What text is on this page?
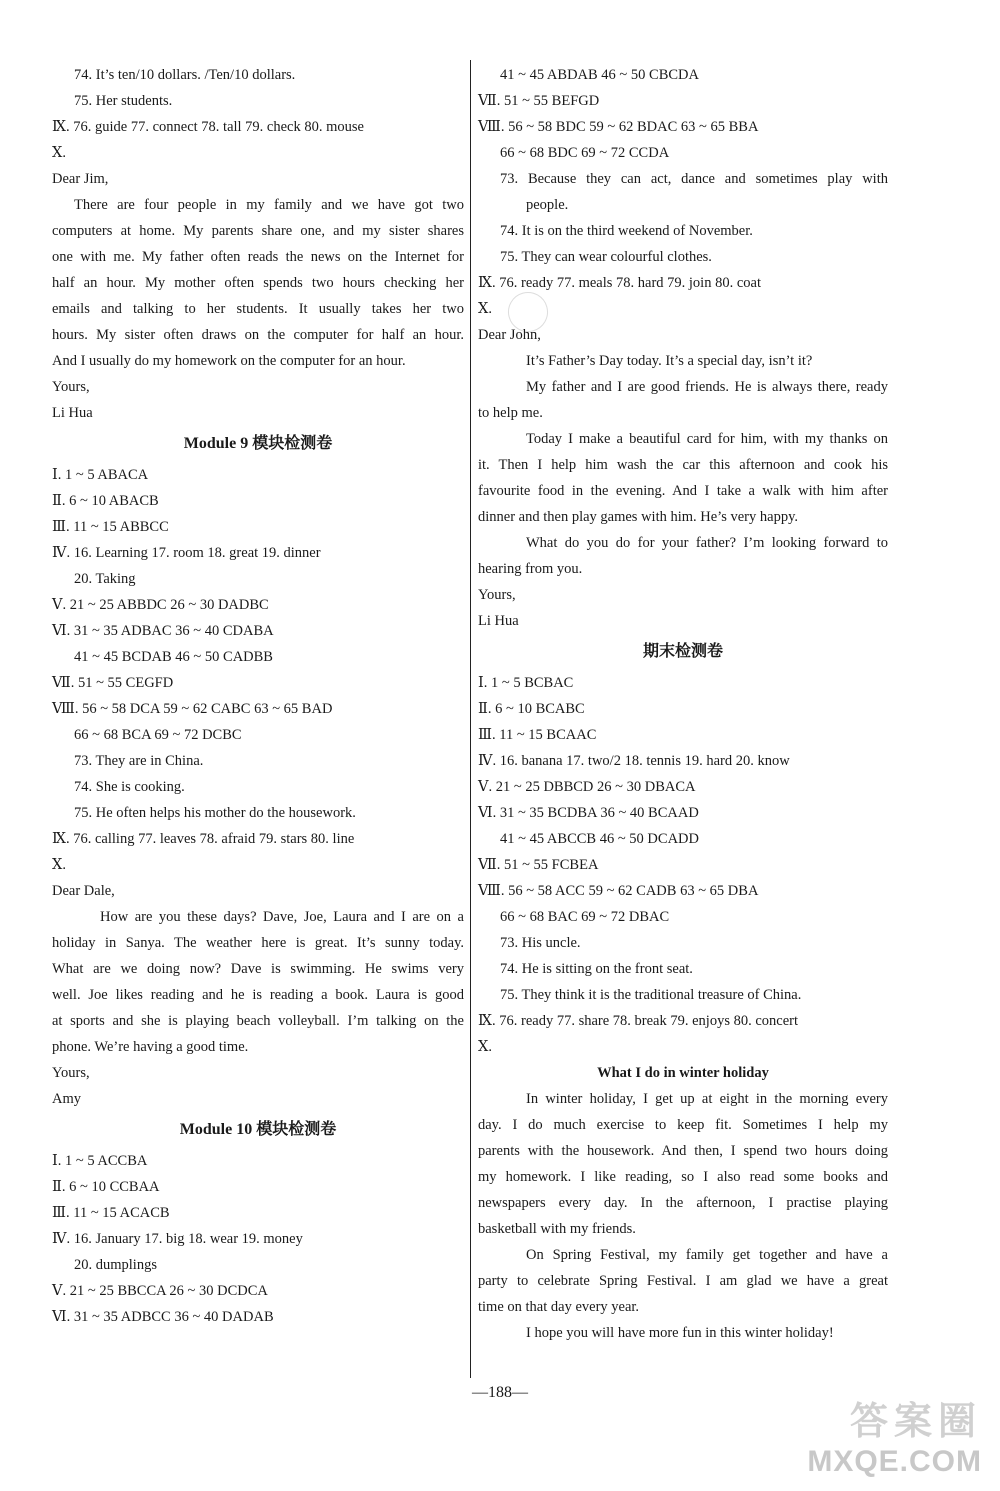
74. It’s ten/10 dollars. /Ten/10 dollars.
75. Her students.
Ⅸ. 76. guide 77. connect 78. tall 79. check 80. mouse
Ⅹ.
Dear Jim,
There are four people in my family and we have got two
computers at home. My parents share one, and my sister shares
one with me. My father often reads the news on the Internet for
half an hour. My mother often spends two hours checking her
emails and talking to her students. It usually takes her two
hours. My sister often draws on the computer for half an hour.
And I usually do my homework on the computer for an hour.
Yours,
Li Hua
Module 9 模块检测卷
Ⅰ. 1 ~ 5 ABACA
Ⅱ. 6 ~ 10 ABACB
Ⅲ. 11 ~ 15 ABBCC
Ⅳ. 16. Learning 17. room 18. great 19. dinner
20. Taking
Ⅴ. 21 ~ 25 ABBDC 26 ~ 30 DADBC
Ⅵ. 31 ~ 35 ADBAC 36 ~ 40 CDABA
41 ~ 45 BCDAB 46 ~ 50 CADBB
Ⅶ. 51 ~ 55 CEGFD
Ⅷ. 56 ~ 58 DCA 59 ~ 62 CABC 63 ~ 65 BAD
66 ~ 68 BCA 69 ~ 72 DCBC
73. They are in China.
74. She is cooking.
75. He often helps his mother do the housework.
Ⅸ. 76. calling 77. leaves 78. afraid 79. stars 80. line
Ⅹ.
Dear Dale,
How are you these days? Dave, Joe, Laura and I are on a
holiday in Sanya. The weather here is great. It’s sunny today.
What are we doing now? Dave is swimming. He swims very
well. Joe likes reading and he is reading a book. Laura is good
at sports and she is playing beach volleyball. I’m talking on the
phone. We’re having a good time.
Yours,
Amy
Module 10 模块检测卷
Ⅰ. 1 ~ 5 ACCBA
Ⅱ. 6 ~ 10 CCBAA
Ⅲ. 11 ~ 15 ACACB
Ⅳ. 16. January 17. big 18. wear 19. money
20. dumplings
Ⅴ. 21 ~ 25 BBCCA 26 ~ 30 DCDCA
Ⅵ. 31 ~ 35 ADBCC 36 ~ 40 DADAB
41 ~ 45 ABDAB 46 ~ 50 CBCDA
Ⅶ. 51 ~ 55 BEFGD
Ⅷ. 56 ~ 58 BDC 59 ~ 62 BDAC 63 ~ 65 BBA
66 ~ 68 BDC 69 ~ 72 CCDA
73. Because they can act, dance and sometimes play with
people.
74. It is on the third weekend of November.
75. They can wear colourful clothes.
Ⅸ. 76. ready 77. meals 78. hard 79. join 80. coat
Ⅹ.
Dear John,
It’s Father’s Day today. It’s a special day, isn’t it?
My father and I are good friends. He is always there, ready
to help me.
Today I make a beautiful card for him, with my thanks on
it. Then I help him wash the car this afternoon and cook his
favourite food in the evening. And I take a walk with him after
dinner and then play games with him. He’s very happy.
What do you do for your father? I’m looking forward to
hearing from you.
Yours,
Li Hua
期末检测卷
Ⅰ. 1 ~ 5 BCBAC
Ⅱ. 6 ~ 10 BCABC
Ⅲ. 11 ~ 15 BCAAC
Ⅳ. 16. banana 17. two/2 18. tennis 19. hard 20. know
Ⅴ. 21 ~ 25 DBBCD 26 ~ 30 DBACA
Ⅵ. 31 ~ 35 BCDBA 36 ~ 40 BCAAD
41 ~ 45 ABCCB 46 ~ 50 DCADD
Ⅶ. 51 ~ 55 FCBEA
Ⅷ. 56 ~ 58 ACC 59 ~ 62 CADB 63 ~ 65 DBA
66 ~ 68 BAC 69 ~ 72 DBAC
73. His uncle.
74. He is sitting on the front seat.
75. They think it is the traditional treasure of China.
Ⅸ. 76. ready 77. share 78. break 79. enjoys 80. concert
Ⅹ.
What I do in winter holiday
In winter holiday, I get up at eight in the morning every
day. I do much exercise to keep fit. Sometimes I help my
parents with the housework. And then, I spend two hours doing
my homework. I like reading, so I also read some books and
newspapers every day. In the afternoon, I practise playing
basketball with my friends.
On Spring Festival, my family get together and have a
party to celebrate Spring Festival. I am glad we have a great
time on that day every year.
I hope you will have more fun in this winter holiday!
—188—
答案圈
MXQE.COM
